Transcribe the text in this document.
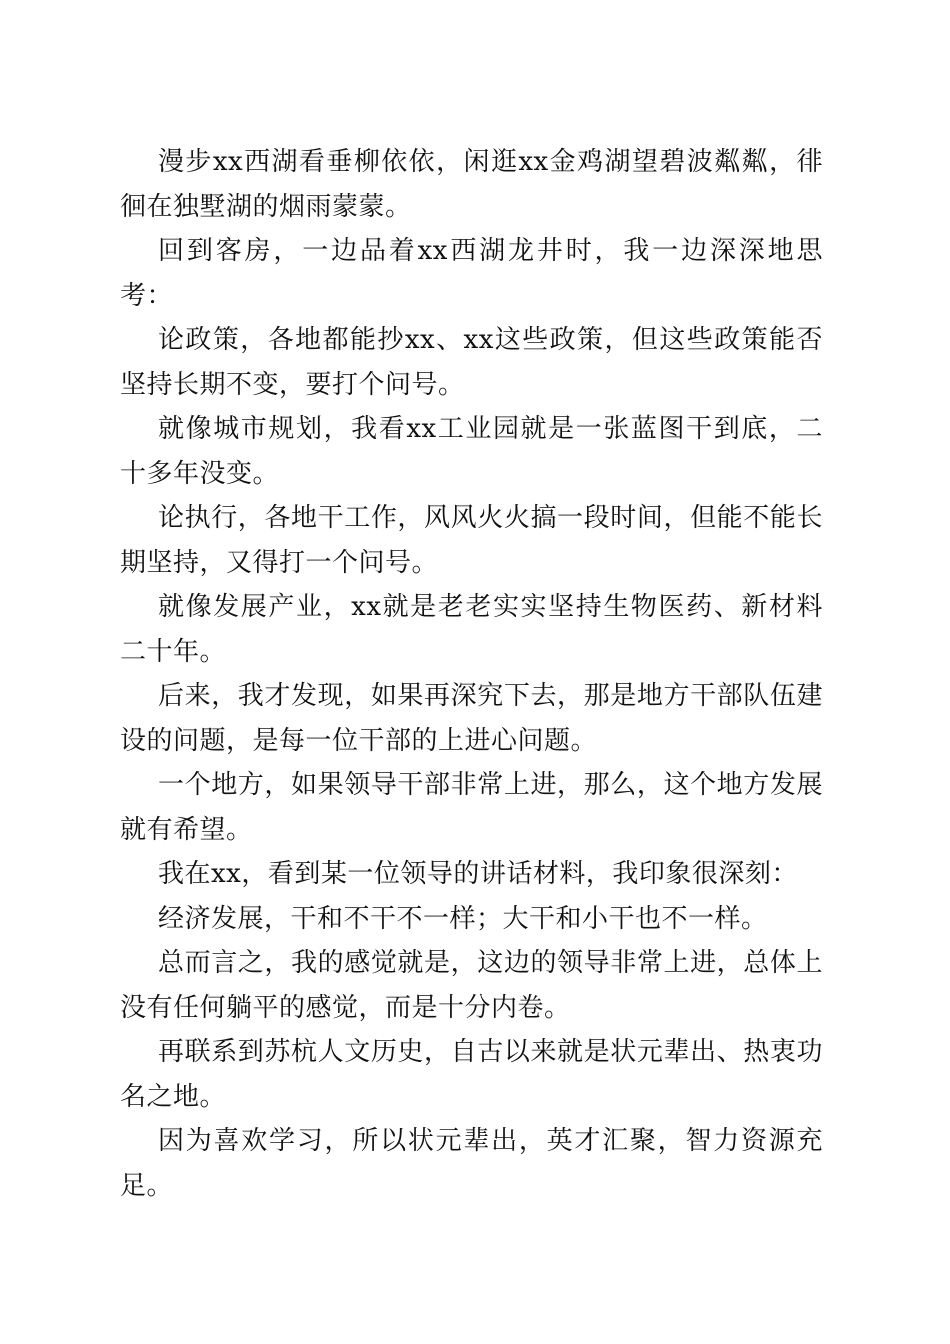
漫步xx西湖看垂柳依依，闲逛xx金鸡湖望碧波粼粼，徘徊在独墅湖的烟雨蒙蒙。

回到客房，一边品着xx西湖龙井时，我一边深深地思考：

论政策，各地都能抄xx、xx这些政策，但这些政策能否坚持长期不变，要打个问号。

就像城市规划，我看xx工业园就是一张蓝图干到底，二十多年没变。

论执行，各地干工作，风风火火搞一段时间，但能不能长期坚持，又得打一个问号。

就像发展产业，xx就是老老实实坚持生物医药、新材料二十年。

后来，我才发现，如果再深究下去，那是地方干部队伍建设的问题，是每一位干部的上进心问题。

一个地方，如果领导干部非常上进，那么，这个地方发展就有希望。

我在xx，看到某一位领导的讲话材料，我印象很深刻：

经济发展，干和不干不一样；大干和小干也不一样。

总而言之，我的感觉就是，这边的领导非常上进，总体上没有任何躺平的感觉，而是十分内卷。

再联系到苏杭人文历史，自古以来就是状元辈出、热衷功名之地。

因为喜欢学习，所以状元辈出，英才汇聚，智力资源充足。
